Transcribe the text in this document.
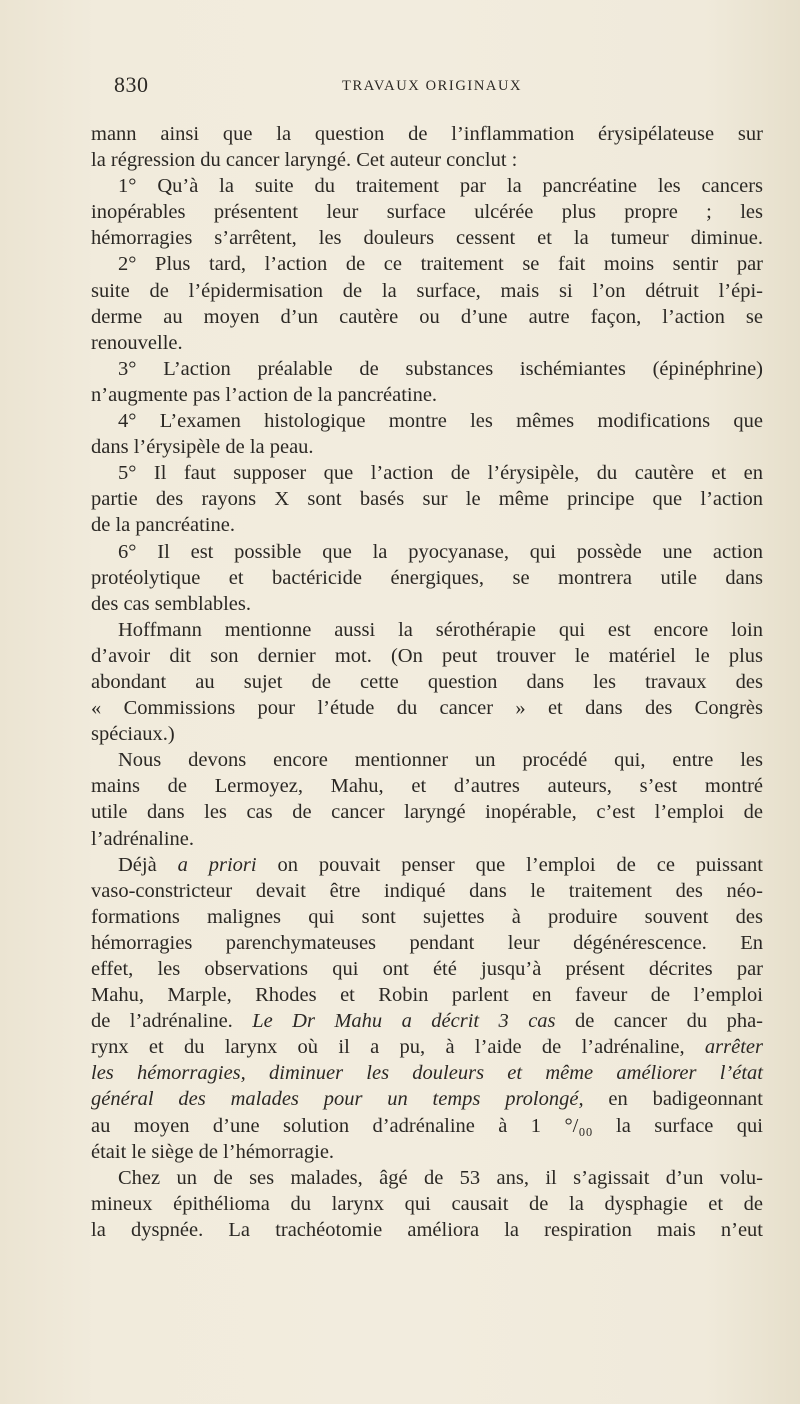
830	TRAVAUX ORIGINAUX
mann ainsi que la question de l’inflammation érysipélateuse sur
la régression du cancer laryngé. Cet auteur conclut :
1° Qu’à la suite du traitement par la pancréatine les cancers
inopérables présentent leur surface ulcérée plus propre ; les
hémorragies s’arrêtent, les douleurs cessent et la tumeur diminue.
2° Plus tard, l’action de ce traitement se fait moins sentir par
suite de l’épidermisation de la surface, mais si l’on détruit l’épi-
derme au moyen d’un cautère ou d’une autre façon, l’action se
renouvelle.
3° L’action préalable de substances ischémiantes (épinéphrine)
n’augmente pas l’action de la pancréatine.
4° L’examen histologique montre les mêmes modifications que
dans l’érysipèle de la peau.
5° Il faut supposer que l’action de l’érysipèle, du cautère et en
partie des rayons X sont basés sur le même principe que l’action
de la pancréatine.
6° Il est possible que la pyocyanase, qui possède une action
protéolytique et bactéricide énergiques, se montrera utile dans
des cas semblables.
Hoffmann mentionne aussi la sérothérapie qui est encore loin
d’avoir dit son dernier mot. (On peut trouver le matériel le plus
abondant au sujet de cette question dans les travaux des
« Commissions pour l’étude du cancer » et dans des Congrès
spéciaux.)
Nous devons encore mentionner un procédé qui, entre les
mains de Lermoyez, Mahu, et d’autres auteurs, s’est montré
utile dans les cas de cancer laryngé inopérable, c’est l’emploi de
l’adrénaline.
Déjà a priori on pouvait penser que l’emploi de ce puissant
vaso-constricteur devait être indiqué dans le traitement des néo-
formations malignes qui sont sujettes à produire souvent des
hémorragies parenchymateuses pendant leur dégénérescence. En
effet, les observations qui ont été jusqu’à présent décrites par
Mahu, Marple, Rhodes et Robin parlent en faveur de l’emploi
de l’adrénaline. Le Dr Mahu a décrit 3 cas de cancer du pha-
rynx et du larynx où il a pu, à l’aide de l’adrénaline, arrêter
les hémorragies, diminuer les douleurs et même améliorer l’état
général des malades pour un temps prolongé, en badigeonnant
au moyen d’une solution d’adrénaline à 1 °/₀₀ la surface qui
était le siège de l’hémorragie.
Chez un de ses malades, âgé de 53 ans, il s’agissait d’un volu-
mineux épithélioma du larynx qui causait de la dysphagie et de
la dyspnée. La trachéotomie améliora la respiration mais n’eut
